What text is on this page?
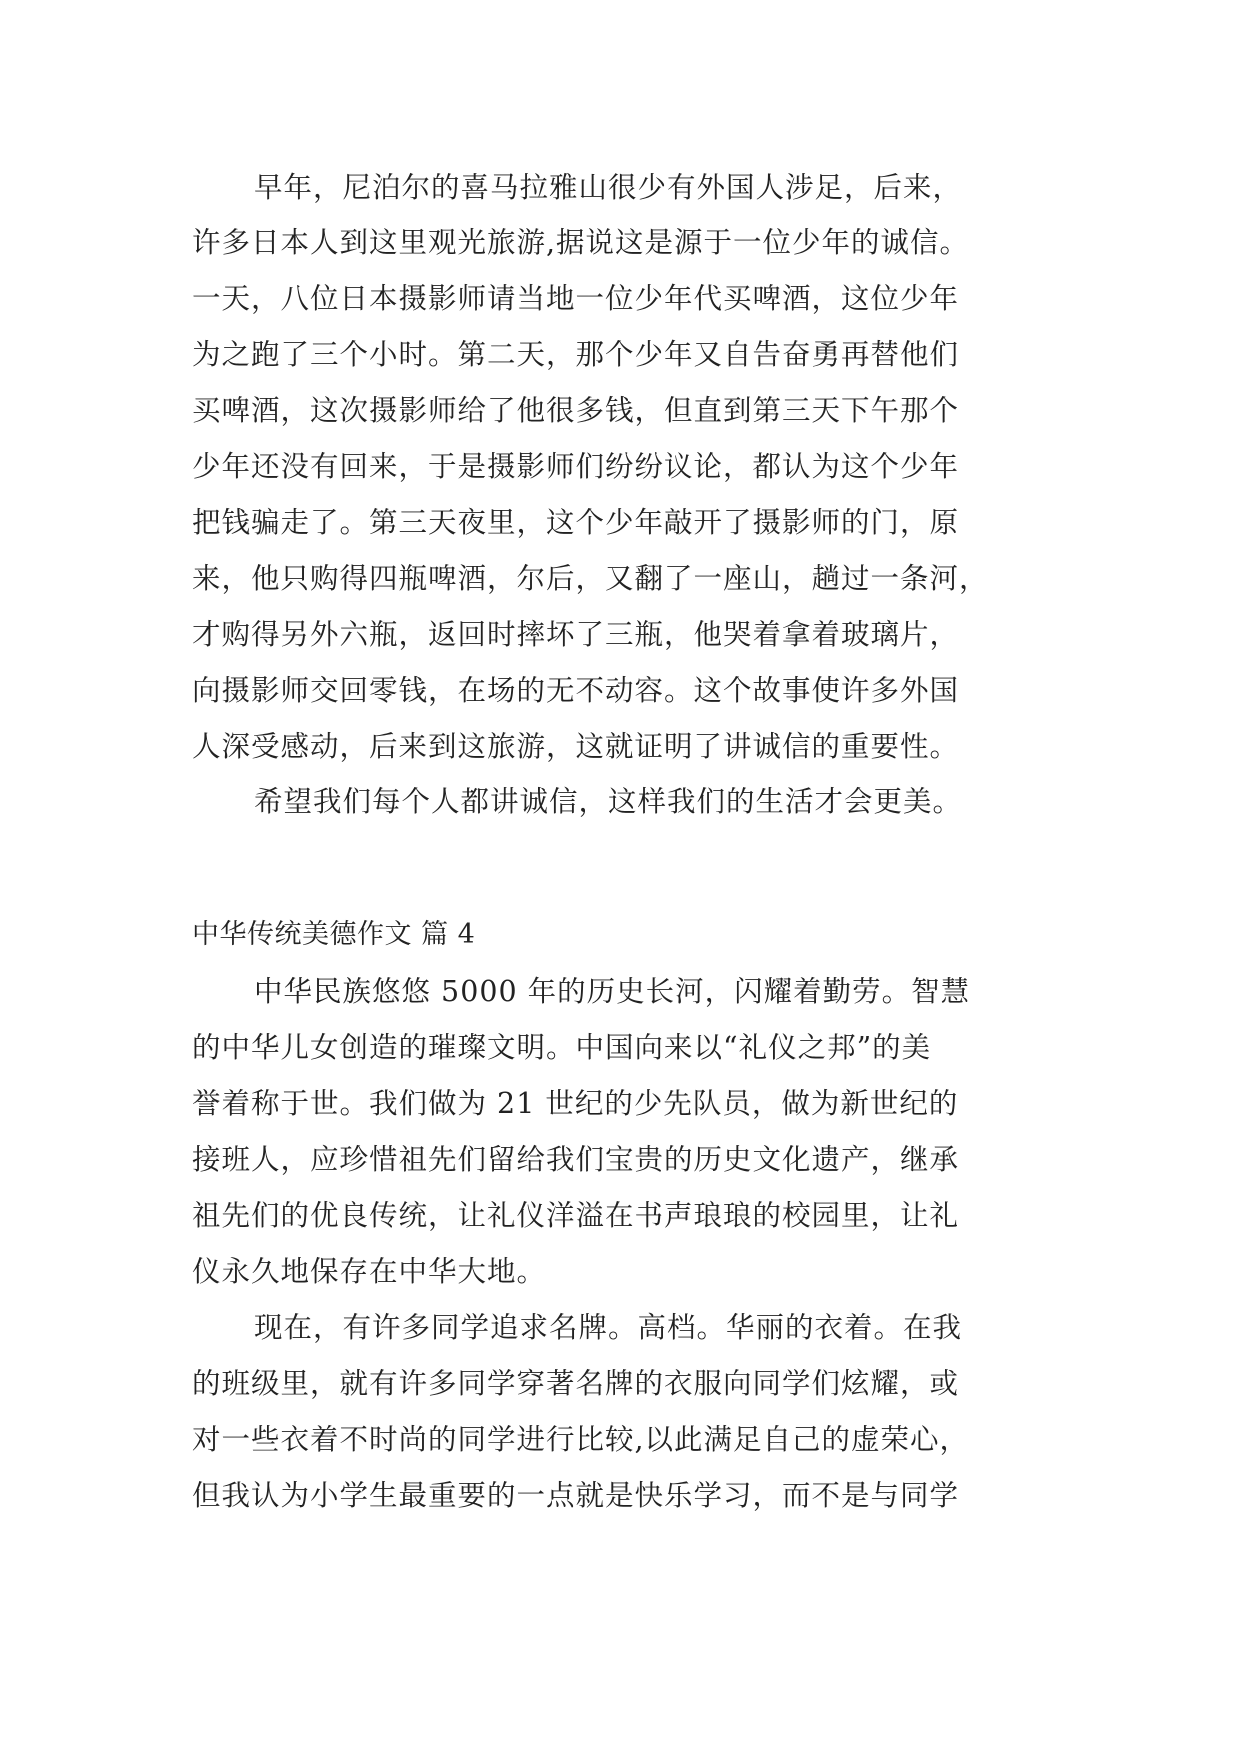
早年，尼泊尔的喜马拉雅山很少有外国人涉足，后来，
许多日本人到这里观光旅游,据说这是源于一位少年的诚信。
一天，八位日本摄影师请当地一位少年代买啤酒，这位少年
为之跑了三个小时。第二天，那个少年又自告奋勇再替他们
买啤酒，这次摄影师给了他很多钱，但直到第三天下午那个
少年还没有回来，于是摄影师们纷纷议论，都认为这个少年
把钱骗走了。第三天夜里，这个少年敲开了摄影师的门，原
来，他只购得四瓶啤酒，尔后，又翻了一座山，趟过一条河，
才购得另外六瓶，返回时摔坏了三瓶，他哭着拿着玻璃片，
向摄影师交回零钱，在场的无不动容。这个故事使许多外国
人深受感动，后来到这旅游，这就证明了讲诚信的重要性。
希望我们每个人都讲诚信，这样我们的生活才会更美。
中华传统美德作文 篇 4
中华民族悠悠 5000 年的历史长河，闪耀着勤劳。智慧
的中华儿女创造的璀璨文明。中国向来以“礼仪之邦”的美
誉着称于世。我们做为 21 世纪的少先队员，做为新世纪的
接班人，应珍惜祖先们留给我们宝贵的历史文化遗产，继承
祖先们的优良传统，让礼仪洋溢在书声琅琅的校园里，让礼
仪永久地保存在中华大地。
现在，有许多同学追求名牌。高档。华丽的衣着。在我
的班级里，就有许多同学穿著名牌的衣服向同学们炫耀，或
对一些衣着不时尚的同学进行比较,以此满足自己的虚荣心，
但我认为小学生最重要的一点就是快乐学习，而不是与同学
